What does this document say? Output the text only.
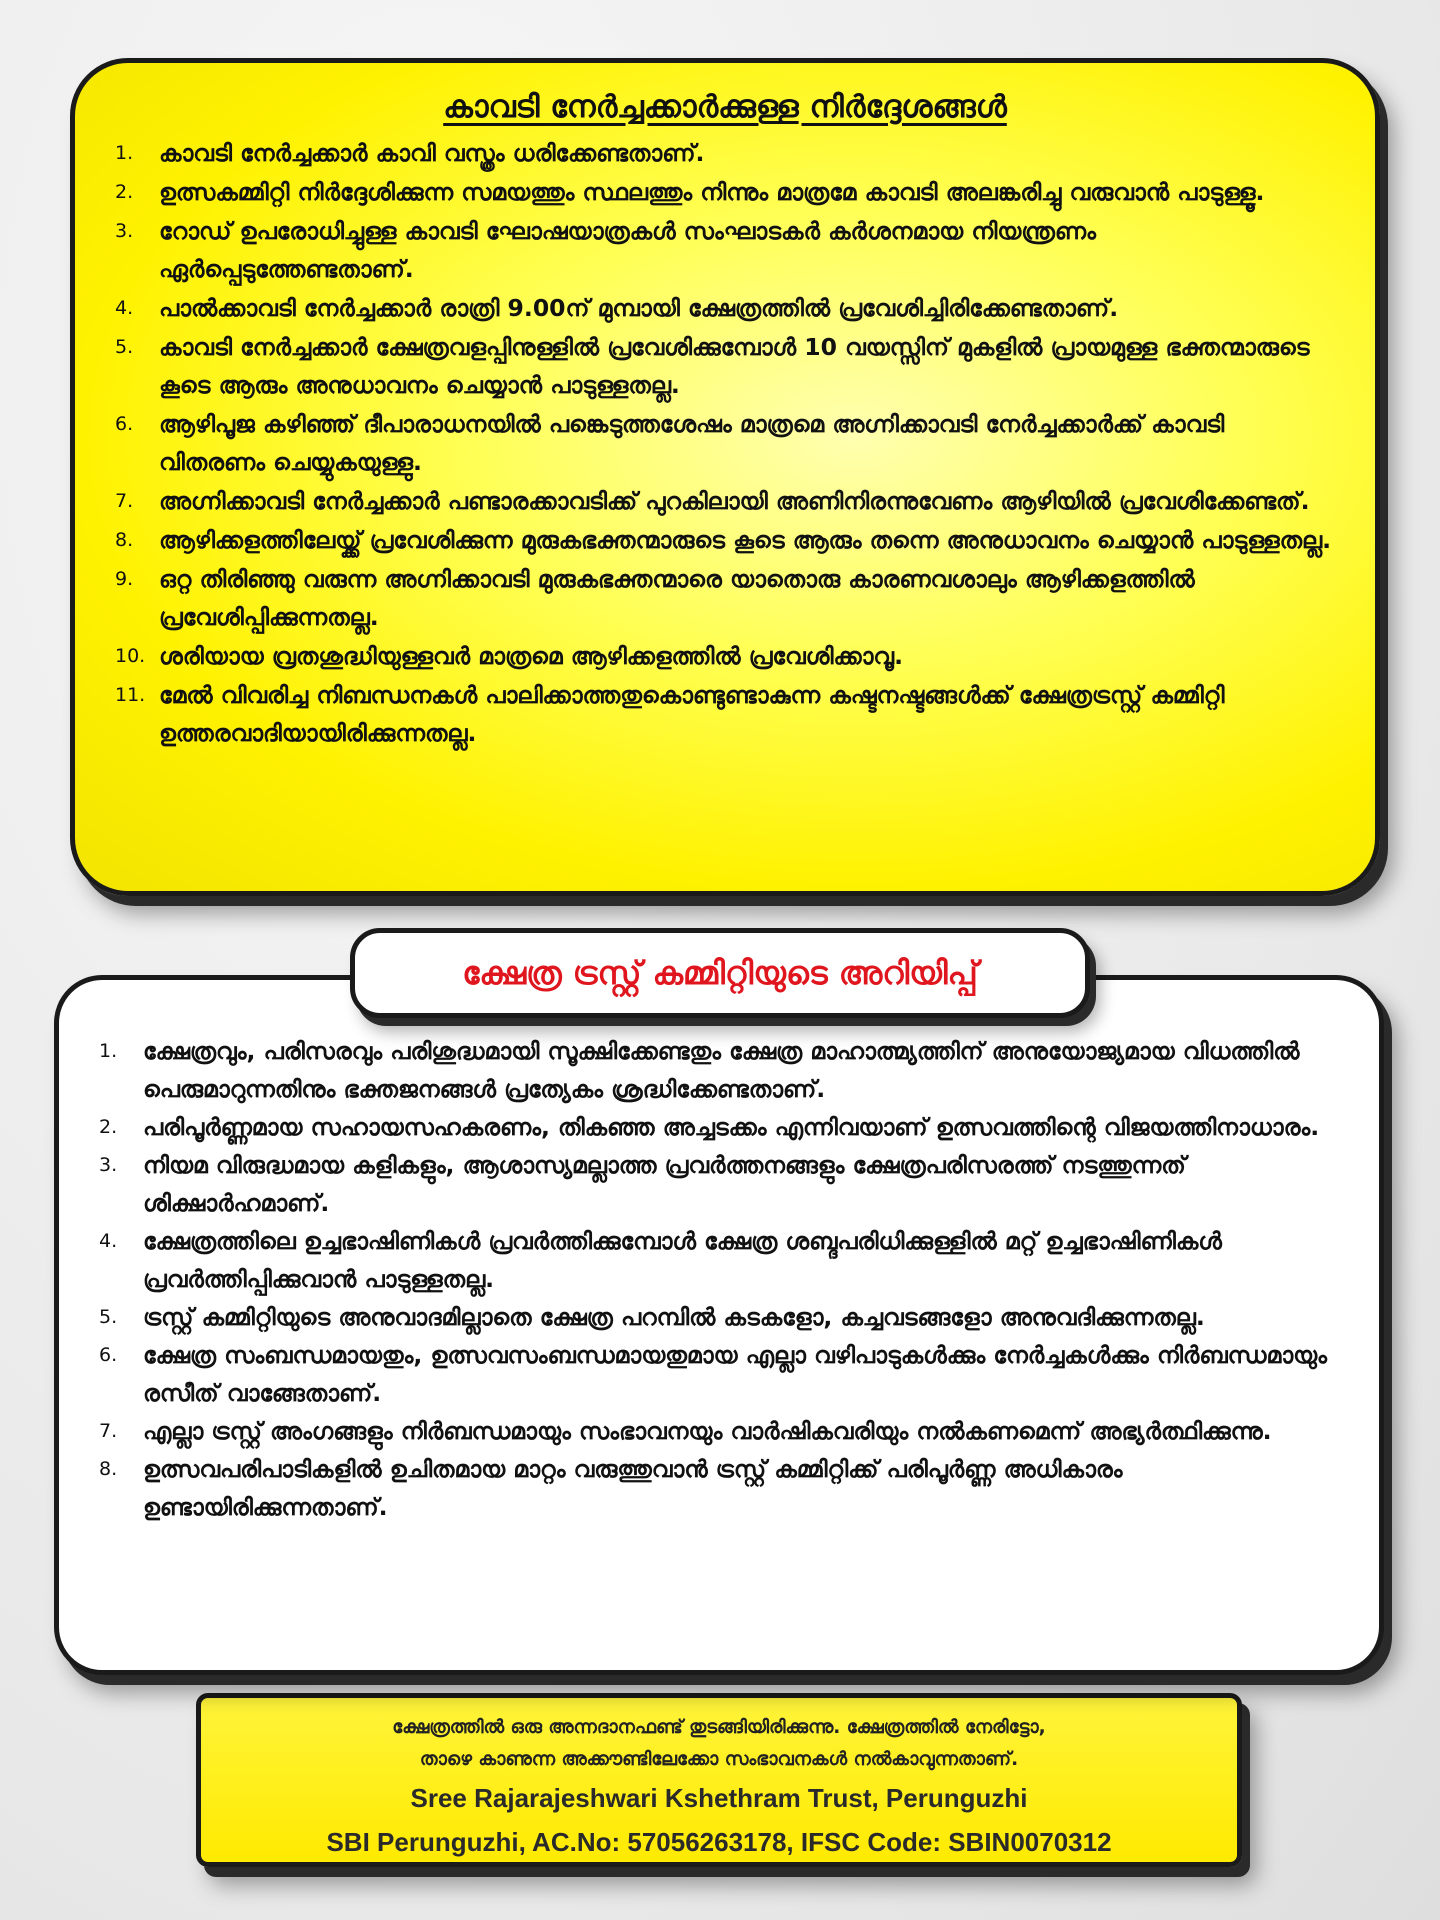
കാവടി നേർച്ചക്കാർക്കുള്ള നിർദ്ദേശങ്ങൾ
1.	കാവടി നേർച്ചക്കാർ കാവി വസ്ത്രം ധരിക്കേണ്ടതാണ്.
2.	ഉത്സകമ്മിറ്റി നിർദ്ദേശിക്കുന്ന സമയത്തും സ്ഥലത്തും നിന്നും മാത്രമേ കാവടി അലങ്കരിച്ചു വരുവാൻ പാടുള്ളൂ.
3.	റോഡ് ഉപരോധിച്ചുള്ള കാവടി ഘോഷയാത്രകൾ സംഘാടകർ കർശനമായ നിയന്ത്രണം ഏർപ്പെടുത്തേണ്ടതാണ്.
4.	പാൽക്കാവടി നേർച്ചക്കാർ രാത്രി 9.00ന് മുമ്പായി ക്ഷേത്രത്തിൽ പ്രവേശിച്ചിരിക്കേണ്ടതാണ്.
5.	കാവടി നേർച്ചക്കാർ ക്ഷേത്രവളപ്പിനുള്ളിൽ പ്രവേശിക്കുമ്പോൾ 10 വയസ്സിന് മുകളിൽ പ്രായമുള്ള ഭക്തന്മാരുടെ കൂടെ ആരും അനുധാവനം ചെയ്യാൻ പാടുള്ളതല്ല.
6.	ആഴിപൂജ കഴിഞ്ഞ് ദീപാരാധനയിൽ പങ്കെടുത്തശേഷം മാത്രമെ അഗ്നിക്കാവടി നേർച്ചക്കാർക്ക് കാവടി വിതരണം ചെയ്യുകയുള്ളു.
7.	അഗ്നിക്കാവടി നേർച്ചക്കാർ പണ്ടാരക്കാവടിക്ക് പുറകിലായി അണിനിരന്നുവേണം ആഴിയിൽ പ്രവേശിക്കേണ്ടത്.
8.	ആഴിക്കളത്തിലേയ്ക്ക് പ്രവേശിക്കുന്ന മുരുകഭക്തന്മാരുടെ കൂടെ ആരും തന്നെ അനുധാവനം ചെയ്യാൻ പാടുള്ളതല്ല.
9.	ഒറ്റ തിരിഞ്ഞു വരുന്ന അഗ്നിക്കാവടി മുരുകഭക്തന്മാരെ യാതൊരു കാരണവശാലും ആഴിക്കളത്തിൽ പ്രവേശിപ്പിക്കുന്നതല്ല.
10. ശരിയായ വ്രതശുദ്ധിയുള്ളവർ മാത്രമെ ആഴിക്കളത്തിൽ പ്രവേശിക്കാവൂ.
11. മേൽ വിവരിച്ച നിബന്ധനകൾ പാലിക്കാത്തതുകൊണ്ടുണ്ടാകുന്ന കഷ്ടനഷ്ടങ്ങൾക്ക് ക്ഷേത്രട്രസ്റ്റ് കമ്മിറ്റി ഉത്തരവാദിയായിരിക്കുന്നതല്ല.
ക്ഷേത്ര ട്രസ്റ്റ് കമ്മിറ്റിയുടെ അറിയിപ്പ്
1.	ക്ഷേത്രവും, പരിസരവും പരിശുദ്ധമായി സൂക്ഷിക്കേണ്ടതും ക്ഷേത്ര മാഹാത്മ്യത്തിന് അനുയോജ്യമായ വിധത്തിൽ പെരുമാറുന്നതിനും ഭക്തജനങ്ങൾ പ്രത്യേകം ശ്രദ്ധിക്കേണ്ടതാണ്.
2.	പരിപൂർണ്ണമായ സഹായസഹകരണം, തികഞ്ഞ അച്ചടക്കം എന്നിവയാണ് ഉത്സവത്തിന്റെ വിജയത്തിനാധാരം.
3.	നിയമ വിരുദ്ധമായ കളികളും, ആശാസ്യമല്ലാത്ത പ്രവർത്തനങ്ങളും ക്ഷേത്രപരിസരത്ത് നടത്തുന്നത് ശിക്ഷാർഹമാണ്.
4.	ക്ഷേത്രത്തിലെ ഉച്ചഭാഷിണികൾ പ്രവർത്തിക്കുമ്പോൾ ക്ഷേത്ര ശബ്ദപരിധിക്കുള്ളിൽ മറ്റ് ഉച്ചഭാഷിണികൾ പ്രവർത്തിപ്പിക്കുവാൻ പാടുള്ളതല്ല.
5.	ട്രസ്റ്റ് കമ്മിറ്റിയുടെ അനുവാദമില്ലാതെ ക്ഷേത്ര പറമ്പിൽ കടകളോ, കച്ചവടങ്ങളോ അനുവദിക്കുന്നതല്ല.
6.	ക്ഷേത്ര സംബന്ധമായതും, ഉത്സവസംബന്ധമായതുമായ എല്ലാ വഴിപാടുകൾക്കും നേർച്ചകൾക്കും നിർബന്ധമായും രസീത് വാങ്ങേതാണ്.
7.	എല്ലാ ട്രസ്റ്റ് അംഗങ്ങളും നിർബന്ധമായും സംഭാവനയും വാർഷികവരിയും നൽകണമെന്ന് അഭ്യർത്ഥിക്കുന്നു.
8.	ഉത്സവപരിപാടികളിൽ ഉചിതമായ മാറ്റം വരുത്തുവാൻ ട്രസ്റ്റ് കമ്മിറ്റിക്ക് പരിപൂർണ്ണ അധികാരം ഉണ്ടായിരിക്കുന്നതാണ്.
ക്ഷേത്രത്തിൽ ഒരു അന്നദാനഫണ്ട് തുടങ്ങിയിരിക്കുന്നു. ക്ഷേത്രത്തിൽ നേരിട്ടോ,
താഴെ കാണുന്ന അക്കൗണ്ടിലേക്കോ സംഭാവനകൾ നൽകാവുന്നതാണ്.
Sree Rajarajeshwari Kshethram Trust, Perunguzhi
SBI Perunguzhi, AC.No: 57056263178, IFSC Code: SBIN0070312
